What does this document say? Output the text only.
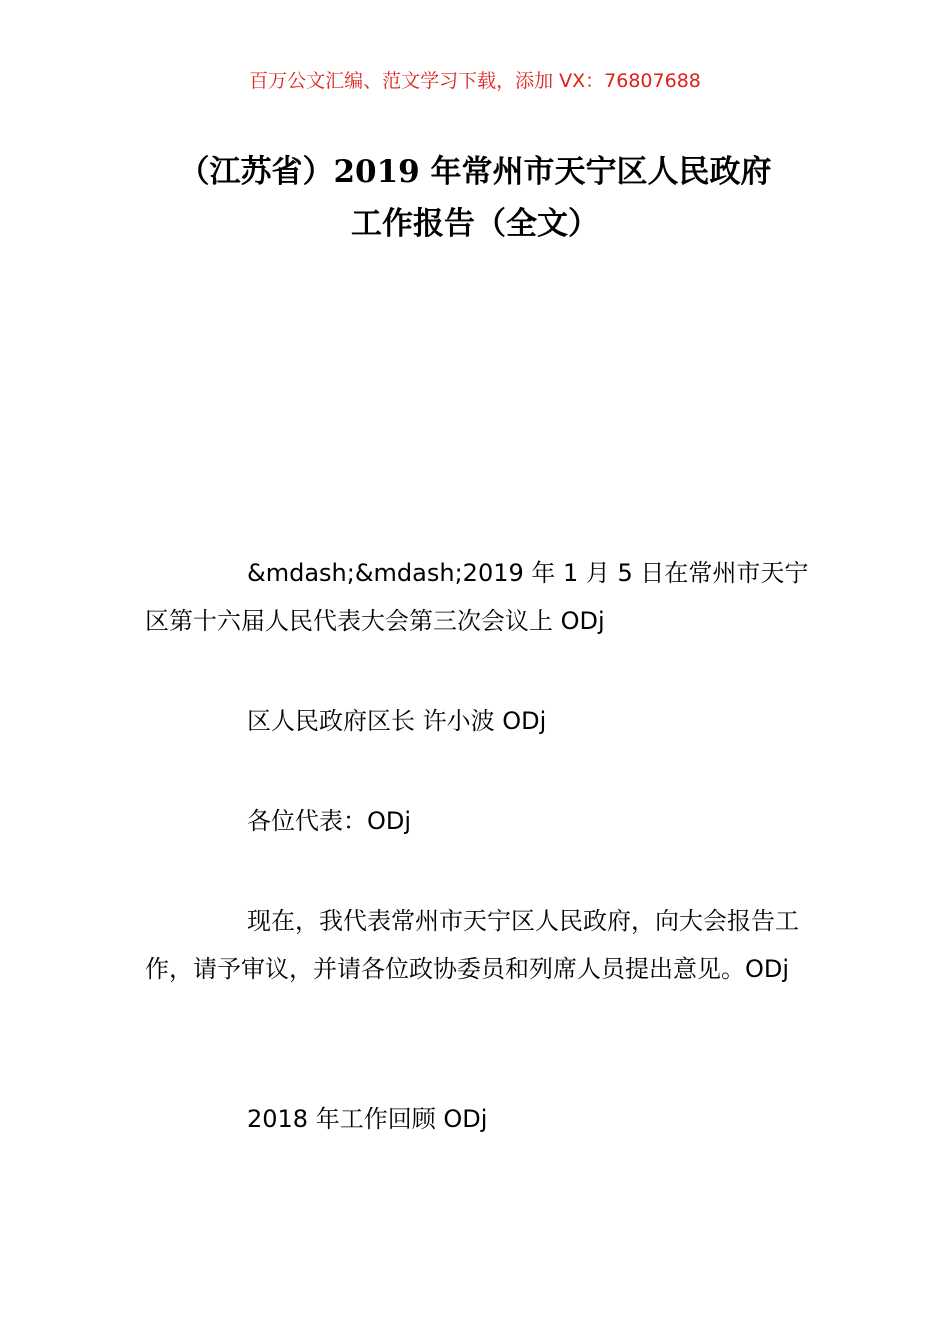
百万公文汇编、范文学习下载，添加 VX：76807688
（江苏省）2019 年常州市天宁区人民政府
工作报告（全文）

&mdash;&mdash;2019 年 1 月 5 日在常州市天宁区第十六届人民代表大会第三次会议上 ODj

区人民政府区长 许小波 ODj

各位代表：ODj

现在，我代表常州市天宁区人民政府，向大会报告工作，请予审议，并请各位政协委员和列席人员提出意见。ODj

2018 年工作回顾 ODj
